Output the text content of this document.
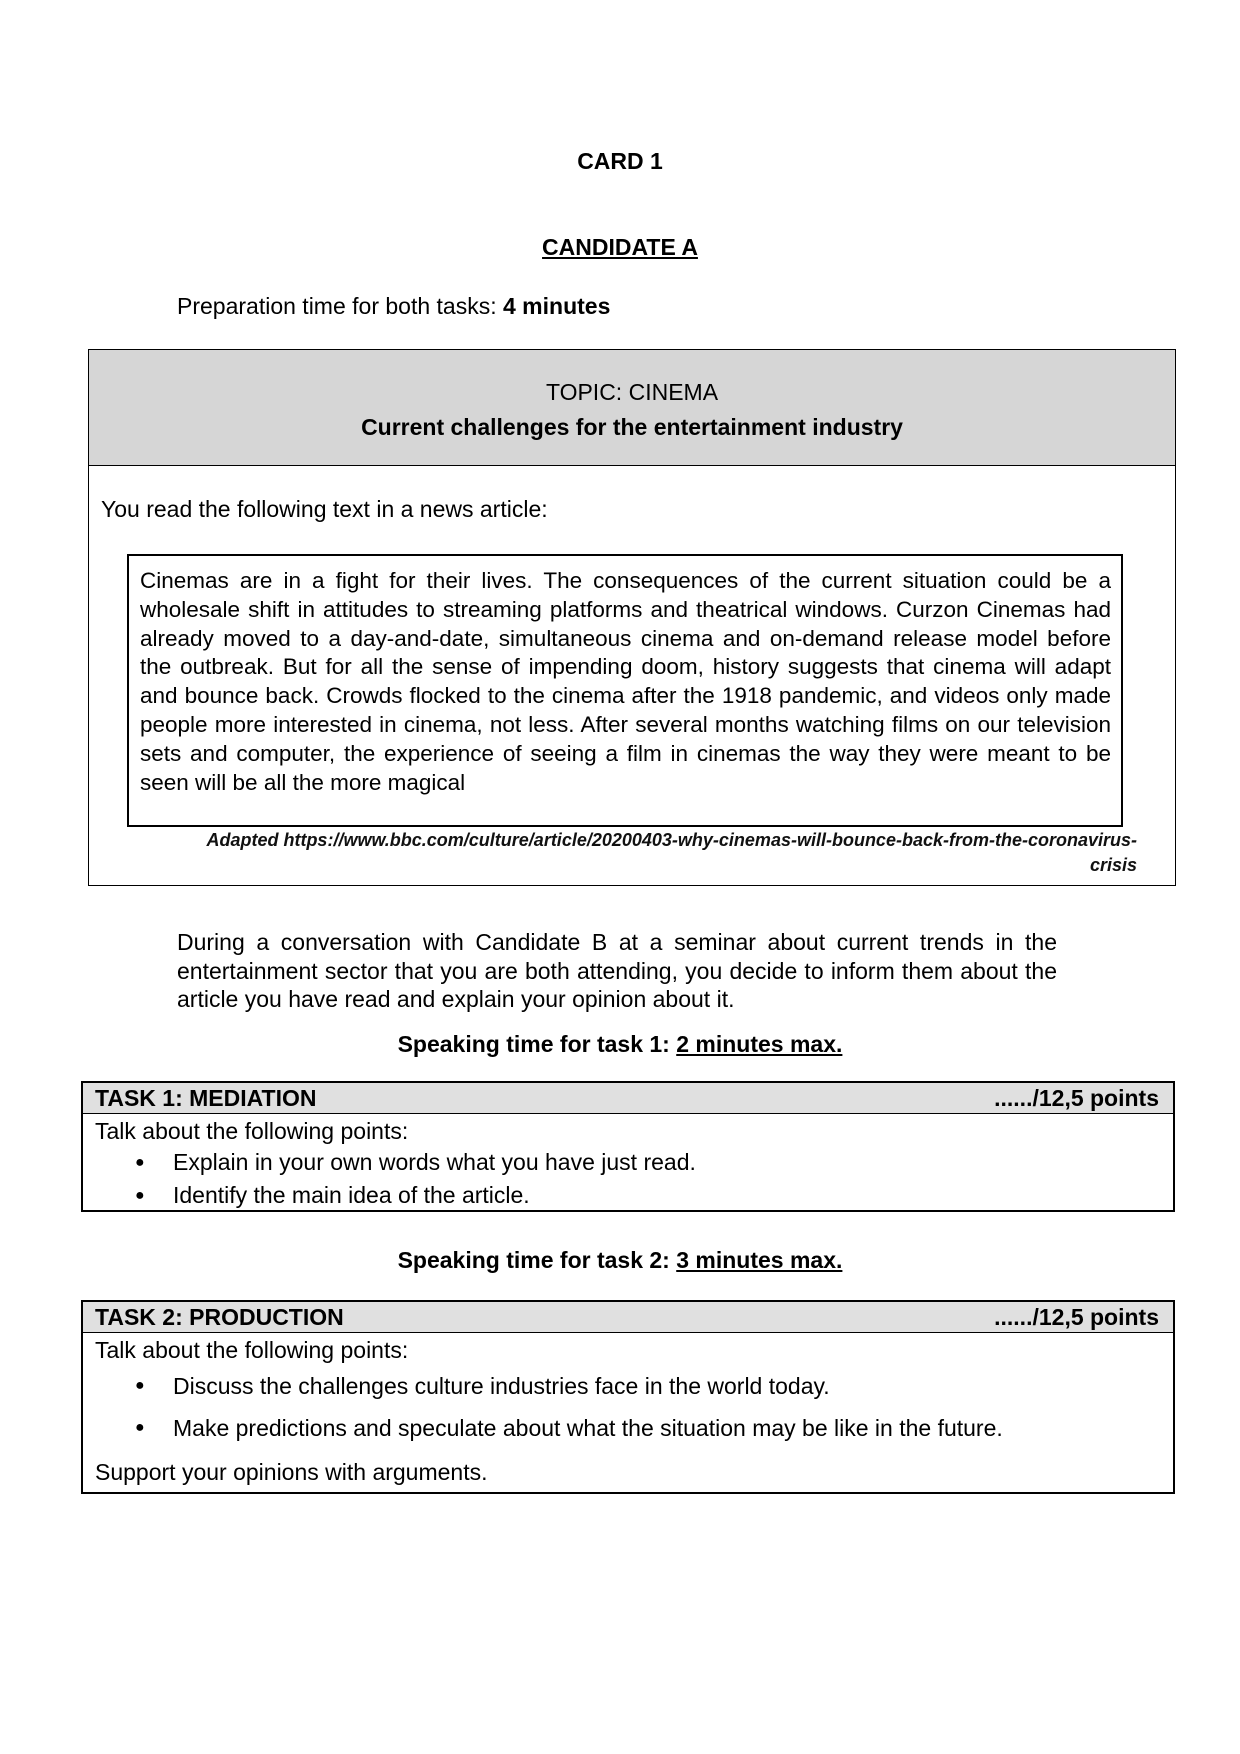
CARD 1
CANDIDATE A
Preparation time for both tasks: 4 minutes
TOPIC: CINEMA
Current challenges for the entertainment industry
You read the following text in a news article:
Cinemas are in a fight for their lives. The consequences of the current situation could be a wholesale shift in attitudes to streaming platforms and theatrical windows. Curzon Cinemas had already moved to a day-and-date, simultaneous cinema and on-demand release model before the outbreak. But for all the sense of impending doom, history suggests that cinema will adapt and bounce back. Crowds flocked to the cinema after the 1918 pandemic, and videos only made people more interested in cinema, not less. After several months watching films on our television sets and computer, the experience of seeing a film in cinemas the way they were meant to be seen will be all the more magical
Adapted https://www.bbc.com/culture/article/20200403-why-cinemas-will-bounce-back-from-the-coronavirus-
crisis
During a conversation with Candidate B at a seminar about current trends in the entertainment sector that you are both attending, you decide to inform them about the article you have read and explain your opinion about it.
Speaking time for task 1: 2 minutes max.
TASK 1: MEDIATION	....../12,5 points
Talk about the following points:
●	Explain in your own words what you have just read.
●	Identify the main idea of the article.
Speaking time for task 2: 3 minutes max.
TASK 2: PRODUCTION	....../12,5 points
Talk about the following points:
●	Discuss the challenges culture industries face in the world today.
●	Make predictions and speculate about what the situation may be like in the future.
Support your opinions with arguments.
